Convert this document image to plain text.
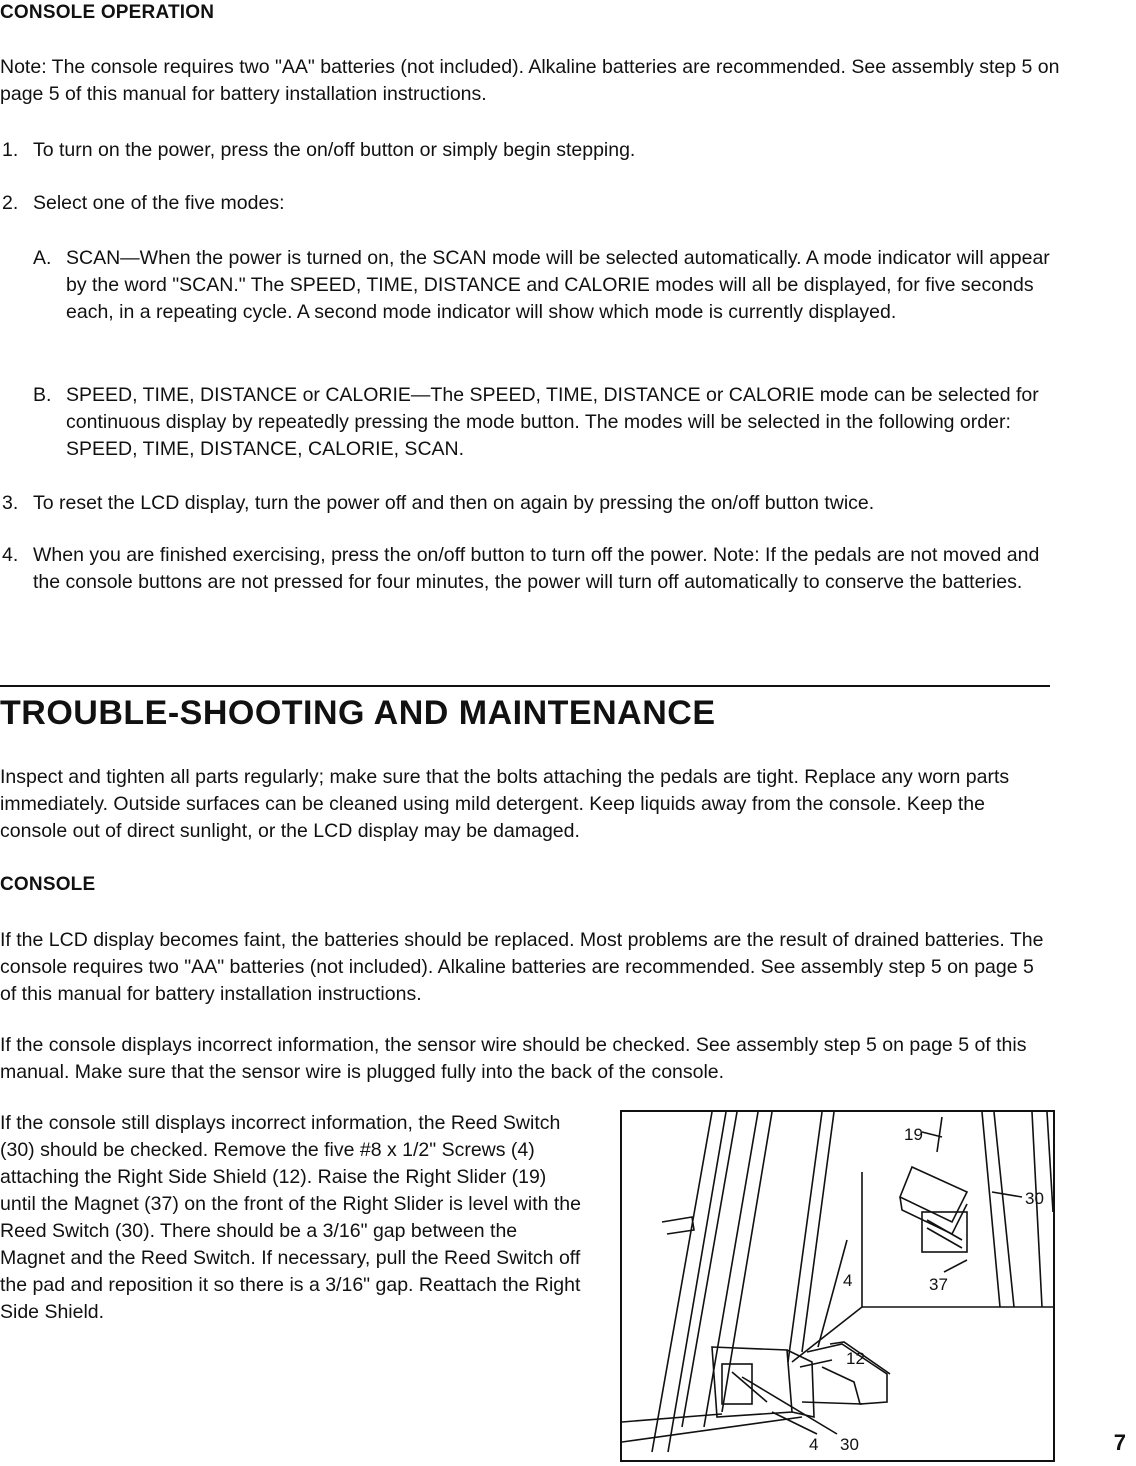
CONSOLE OPERATION

Note: The console requires two "AA" batteries (not included). Alkaline batteries are recommended. See assembly step 5 on page 5 of this manual for battery installation instructions.

1. To turn on the power, press the on/off button or simply begin stepping.

2. Select one of the five modes:

A. SCAN—When the power is turned on, the SCAN mode will be selected automatically. A mode indicator will appear by the word "SCAN." The SPEED, TIME, DISTANCE and CALORIE modes will all be displayed, for five seconds each, in a repeating cycle. A second mode indicator will show which mode is currently displayed.

B. SPEED, TIME, DISTANCE or CALORIE—The SPEED, TIME, DISTANCE or CALORIE mode can be selected for continuous display by repeatedly pressing the mode button. The modes will be selected in the following order: SPEED, TIME, DISTANCE, CALORIE, SCAN.

3. To reset the LCD display, turn the power off and then on again by pressing the on/off button twice.

4. When you are finished exercising, press the on/off button to turn off the power. Note: If the pedals are not moved and the console buttons are not pressed for four minutes, the power will turn off automatically to conserve the batteries.

TROUBLE-SHOOTING AND MAINTENANCE

Inspect and tighten all parts regularly; make sure that the bolts attaching the pedals are tight. Replace any worn parts immediately. Outside surfaces can be cleaned using mild detergent. Keep liquids away from the console. Keep the console out of direct sunlight, or the LCD display may be damaged.

CONSOLE

If the LCD display becomes faint, the batteries should be replaced. Most problems are the result of drained batteries. The console requires two "AA" batteries (not included). Alkaline batteries are recommended. See assembly step 5 on page 5 of this manual for battery installation instructions.

If the console displays incorrect information, the sensor wire should be checked. See assembly step 5 on page 5 of this manual. Make sure that the sensor wire is plugged fully into the back of the console.

If the console still displays incorrect information, the Reed Switch (30) should be checked. Remove the five #8 x 1/2" Screws (4) attaching the Right Side Shield (12). Raise the Right Slider (19) until the Magnet (37) on the front of the Right Slider is level with the Reed Switch (30). There should be a 3/16" gap between the Magnet and the Reed Switch. If necessary, pull the Reed Switch off the pad and reposition it so there is a 3/16" gap. Reattach the Right Side Shield.

19
30
4	37
12
4 30	7
